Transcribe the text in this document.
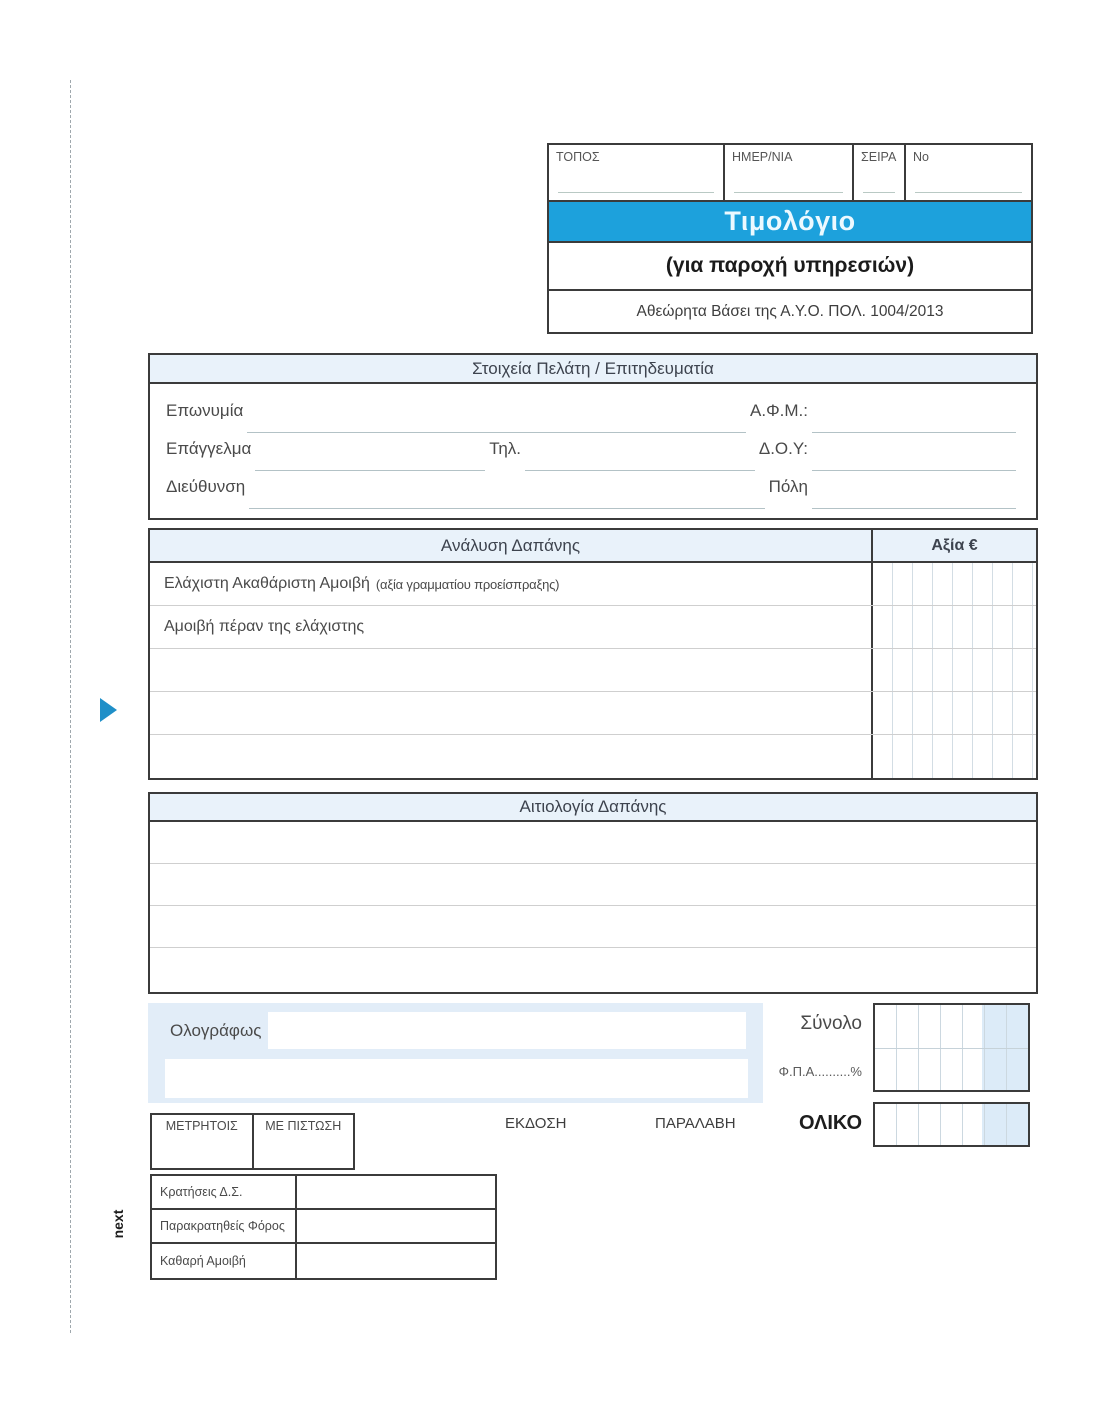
next
ΤΟΠΟΣ	ΗΜΕΡ/ΝΙΑ	ΣΕΙΡΑ No
Τιμολόγιο
(για παροχή υπηρεσιών)
Αθεώρητα Βάσει της Α.Υ.Ο. ΠΟΛ. 1004/2013
Στοιχεία Πελάτη / Επιτηδευματία
Επωνυμία	Α.Φ.Μ.:
Επάγγελμα	Τηλ.	Δ.Ο.Υ:
Διεύθυνση	Πόλη
Ανάλυση Δαπάνης	Αξία €
Ελάχιστη Ακαθάριστη Αμοιβή (αξία γραμματίου προείσπραξης)
Αμοιβή πέραν της ελάχιστης
Αιτιολογία Δαπάνης
Ολογράφως	Σύνολο
Φ.Π.Α..........%
ΟΛΙΚΟ
ΜΕΤΡΗΤΟΙΣ	ΜΕ ΠΙΣΤΩΣΗ	ΕΚΔΟΣΗ	ΠΑΡΑΛΑΒΗ
Κρατήσεις Δ.Σ.
Παρακρατηθείς Φόρος
Καθαρή Αμοιβή
